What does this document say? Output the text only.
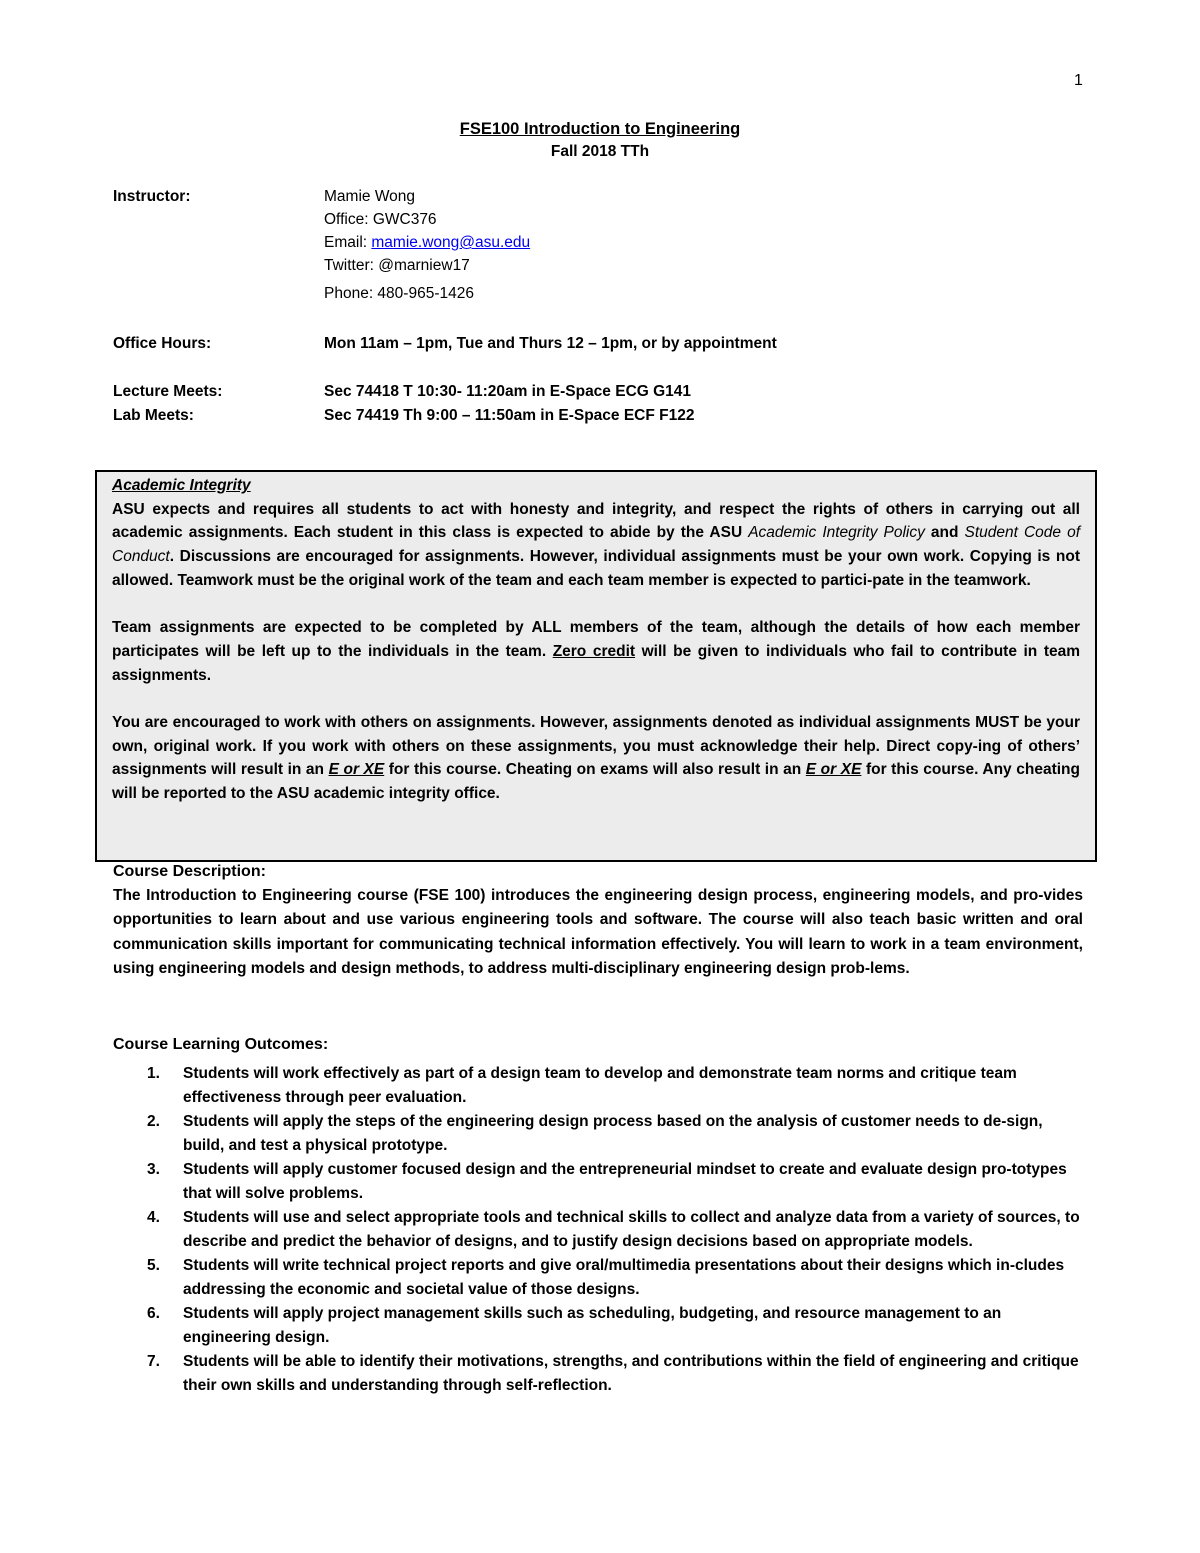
1
FSE100 Introduction to Engineering
Fall 2018 TTh
Instructor:	Mamie Wong
Office: GWC376
Email: mamie.wong@asu.edu
Twitter: @marniew17
Phone: 480-965-1426
Office Hours:	Mon 11am – 1pm, Tue and Thurs 12 – 1pm, or by appointment
Lecture Meets:	Sec 74418 T 10:30- 11:20am in E-Space ECG G141
Lab Meets:	Sec 74419 Th 9:00 – 11:50am in E-Space ECF F122
Academic Integrity

ASU expects and requires all students to act with honesty and integrity, and respect the rights of others in carrying out all academic assignments. Each student in this class is expected to abide by the ASU Academic Integrity Policy and Student Code of Conduct. Discussions are encouraged for assignments. However, individual assignments must be your own work. Copying is not allowed. Teamwork must be the original work of the team and each team member is expected to partici-pate in the teamwork.

Team assignments are expected to be completed by ALL members of the team, although the details of how each member participates will be left up to the individuals in the team. Zero credit will be given to individuals who fail to contribute in team assignments.

You are encouraged to work with others on assignments. However, assignments denoted as individual assignments MUST be your own, original work. If you work with others on these assignments, you must acknowledge their help. Direct copy-ing of others’ assignments will result in an E or XE for this course. Cheating on exams will also result in an E or XE for this course. Any cheating will be reported to the ASU academic integrity office.

Course Description:

The Introduction to Engineering course (FSE 100) introduces the engineering design process, engineering models, and pro-vides opportunities to learn about and use various engineering tools and software. The course will also teach basic written and oral communication skills important for communicating technical information effectively. You will learn to work in a team environment, using engineering models and design methods, to address multi-disciplinary engineering design prob-lems.

Course Learning Outcomes:
1. Students will work effectively as part of a design team to develop and demonstrate team norms and critique team effectiveness through peer evaluation.
2. Students will apply the steps of the engineering design process based on the analysis of customer needs to de-sign, build, and test a physical prototype.
3. Students will apply customer focused design and the entrepreneurial mindset to create and evaluate design pro-totypes that will solve problems.
4. Students will use and select appropriate tools and technical skills to collect and analyze data from a variety of sources, to describe and predict the behavior of designs, and to justify design decisions based on appropriate models.
5. Students will write technical project reports and give oral/multimedia presentations about their designs which in-cludes addressing the economic and societal value of those designs.
6. Students will apply project management skills such as scheduling, budgeting, and resource management to an engineering design.
7. Students will be able to identify their motivations, strengths, and contributions within the field of engineering and critique their own skills and understanding through self-reflection.
